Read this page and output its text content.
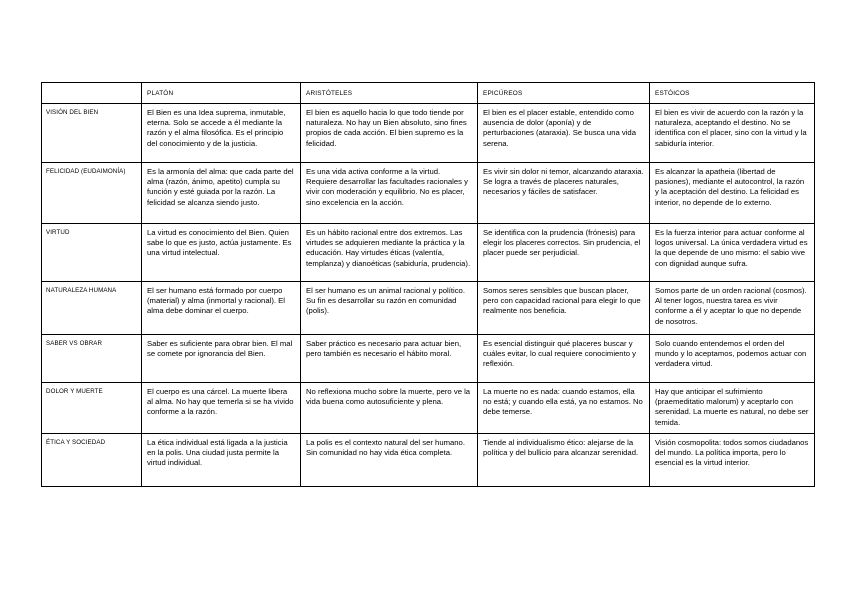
	PLATÓN	ARISTÓTELES	EPICÚREOS	ESTÓICOS
VISIÓN DEL BIEN	El Bien es una Idea suprema, inmutable, eterna. Solo se accede a él mediante la razón y el alma filosófica. Es el principio del conocimiento y de la justicia.	El bien es aquello hacia lo que todo tiende por naturaleza. No hay un Bien absoluto, sino fines propios de cada acción. El bien supremo es la felicidad.	El bien es el placer estable, entendido como ausencia de dolor (aponía) y de perturbaciones (ataraxia). Se busca una vida serena.	El bien es vivir de acuerdo con la razón y la naturaleza, aceptando el destino. No se identifica con el placer, sino con la virtud y la sabiduría interior.
FELICIDAD (EUDAIMONÍA)	Es la armonía del alma: que cada parte del alma (razón, ánimo, apetito) cumpla su función y esté guiada por la razón. La felicidad se alcanza siendo justo.	Es una vida activa conforme a la virtud. Requiere desarrollar las facultades racionales y vivir con moderación y equilibrio. No es placer, sino excelencia en la acción.	Es vivir sin dolor ni temor, alcanzando ataraxia. Se logra a través de placeres naturales, necesarios y fáciles de satisfacer.	Es alcanzar la apatheia (libertad de pasiones), mediante el autocontrol, la razón y la aceptación del destino. La felicidad es interior, no depende de lo externo.
VIRTUD	La virtud es conocimiento del Bien. Quien sabe lo que es justo, actúa justamente. Es una virtud intelectual.	Es un hábito racional entre dos extremos. Las virtudes se adquieren mediante la práctica y la educación. Hay virtudes éticas (valentía, templanza) y dianoéticas (sabiduría, prudencia).	Se identifica con la prudencia (frónesis) para elegir los placeres correctos. Sin prudencia, el placer puede ser perjudicial.	Es la fuerza interior para actuar conforme al logos universal. La única verdadera virtud es la que depende de uno mismo: el sabio vive con dignidad aunque sufra.
NATURALEZA HUMANA	El ser humano está formado por cuerpo (material) y alma (inmortal y racional). El alma debe dominar el cuerpo.	El ser humano es un animal racional y político. Su fin es desarrollar su razón en comunidad (polis).	Somos seres sensibles que buscan placer, pero con capacidad racional para elegir lo que realmente nos beneficia.	Somos parte de un orden racional (cosmos). Al tener logos, nuestra tarea es vivir conforme a él y aceptar lo que no depende de nosotros.
SABER VS OBRAR	Saber es suficiente para obrar bien. El mal se comete por ignorancia del Bien.	Saber práctico es necesario para actuar bien, pero también es necesario el hábito moral.	Es esencial distinguir qué placeres buscar y cuáles evitar, lo cual requiere conocimiento y reflexión.	Solo cuando entendemos el orden del mundo y lo aceptamos, podemos actuar con verdadera virtud.
DOLOR Y MUERTE	El cuerpo es una cárcel. La muerte libera al alma. No hay que temerla si se ha vivido conforme a la razón.	No reflexiona mucho sobre la muerte, pero ve la vida buena como autosuficiente y plena.	La muerte no es nada: cuando estamos, ella no está; y cuando ella está, ya no estamos. No debe temerse.	Hay que anticipar el sufrimiento (praemeditatio malorum) y aceptarlo con serenidad. La muerte es natural, no debe ser temida.
ÉTICA Y SOCIEDAD	La ética individual está ligada a la justicia en la polis. Una ciudad justa permite la virtud individual.	La polis es el contexto natural del ser humano. Sin comunidad no hay vida ética completa.	Tiende al individualismo ético: alejarse de la política y del bullicio para alcanzar serenidad.	Visión cosmopolita: todos somos ciudadanos del mundo. La política importa, pero lo esencial es la virtud interior.
